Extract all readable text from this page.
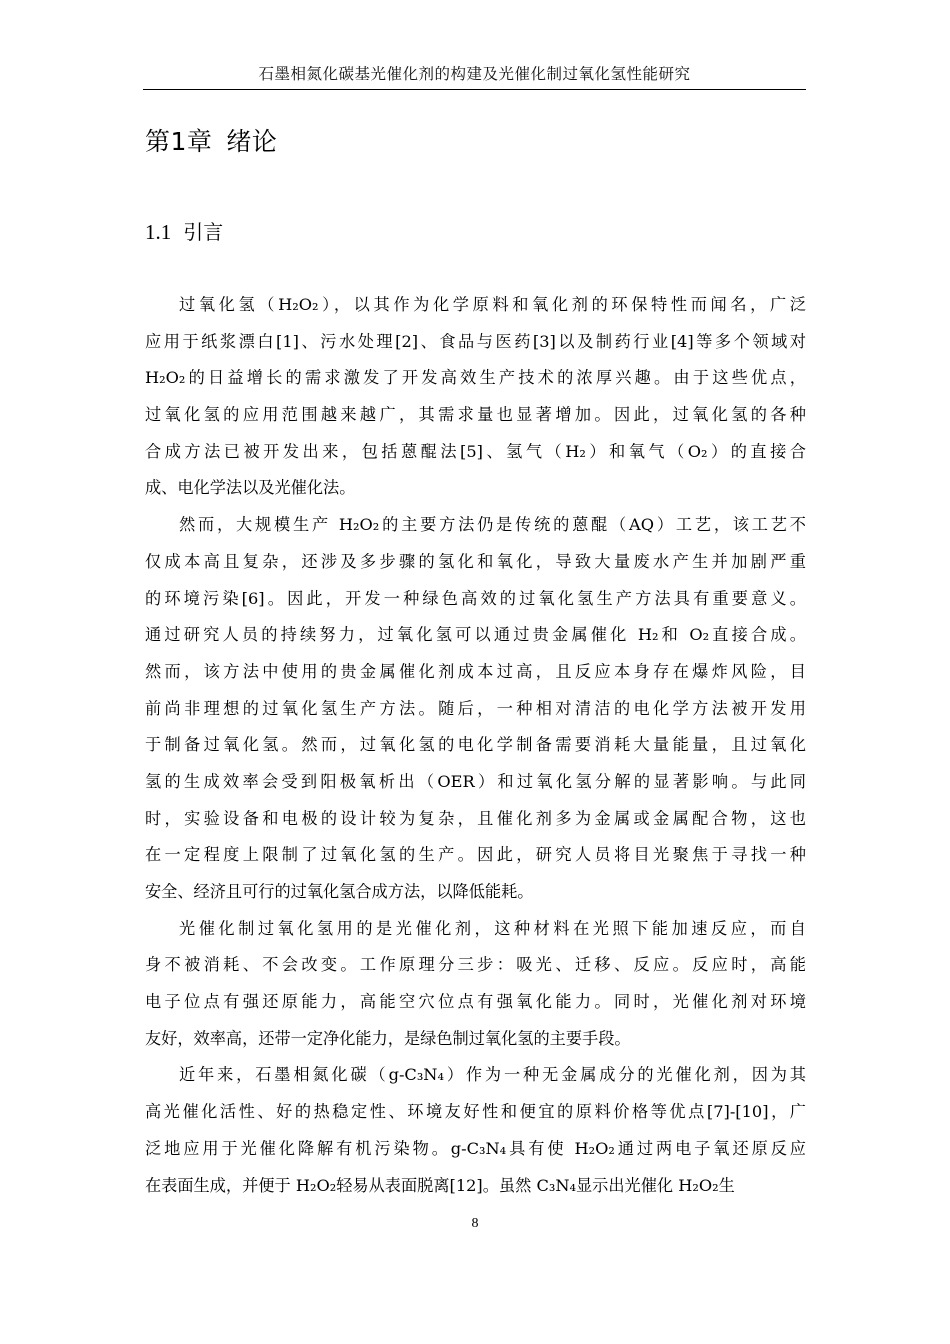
石墨相氮化碳基光催化剂的构建及光催化制过氧化氢性能研究
第1章 绪论
1.1 引言
过氧化氢（H₂O₂），以其作为化学原料和氧化剂的环保特性而闻名，广泛
应用于纸浆漂白[1]、污水处理[2]、食品与医药[3]以及制药行业[4]等多个领域对
H₂O₂的日益增长的需求激发了开发高效生产技术的浓厚兴趣。由于这些优点，
过氧化氢的应用范围越来越广，其需求量也显著增加。因此，过氧化氢的各种
合成方法已被开发出来，包括蒽醌法[5]、氢气（H₂）和氧气（O₂）的直接合
成、电化学法以及光催化法。
然而，大规模生产 H₂O₂的主要方法仍是传统的蒽醌（AQ）工艺，该工艺不
仅成本高且复杂，还涉及多步骤的氢化和氧化，导致大量废水产生并加剧严重
的环境污染[6]。因此，开发一种绿色高效的过氧化氢生产方法具有重要意义。
通过研究人员的持续努力，过氧化氢可以通过贵金属催化 H₂和 O₂直接合成。
然而，该方法中使用的贵金属催化剂成本过高，且反应本身存在爆炸风险，目
前尚非理想的过氧化氢生产方法。随后，一种相对清洁的电化学方法被开发用
于制备过氧化氢。然而，过氧化氢的电化学制备需要消耗大量能量，且过氧化
氢的生成效率会受到阳极氧析出（OER）和过氧化氢分解的显著影响。与此同
时，实验设备和电极的设计较为复杂，且催化剂多为金属或金属配合物，这也
在一定程度上限制了过氧化氢的生产。因此，研究人员将目光聚焦于寻找一种
安全、经济且可行的过氧化氢合成方法，以降低能耗。
光催化制过氧化氢用的是光催化剂，这种材料在光照下能加速反应，而自
身不被消耗、不会改变。工作原理分三步：吸光、迁移、反应。反应时，高能
电子位点有强还原能力，高能空穴位点有强氧化能力。同时，光催化剂对环境
友好，效率高，还带一定净化能力，是绿色制过氧化氢的主要手段。
近年来，石墨相氮化碳（g-C₃N₄）作为一种无金属成分的光催化剂，因为其
高光催化活性、好的热稳定性、环境友好性和便宜的原料价格等优点[7]-[10]，广
泛地应用于光催化降解有机污染物。g-C₃N₄具有使 H₂O₂通过两电子氧还原反应
在表面生成，并便于 H₂O₂轻易从表面脱离[12]。虽然 C₃N₄显示出光催化 H₂O₂生
8
